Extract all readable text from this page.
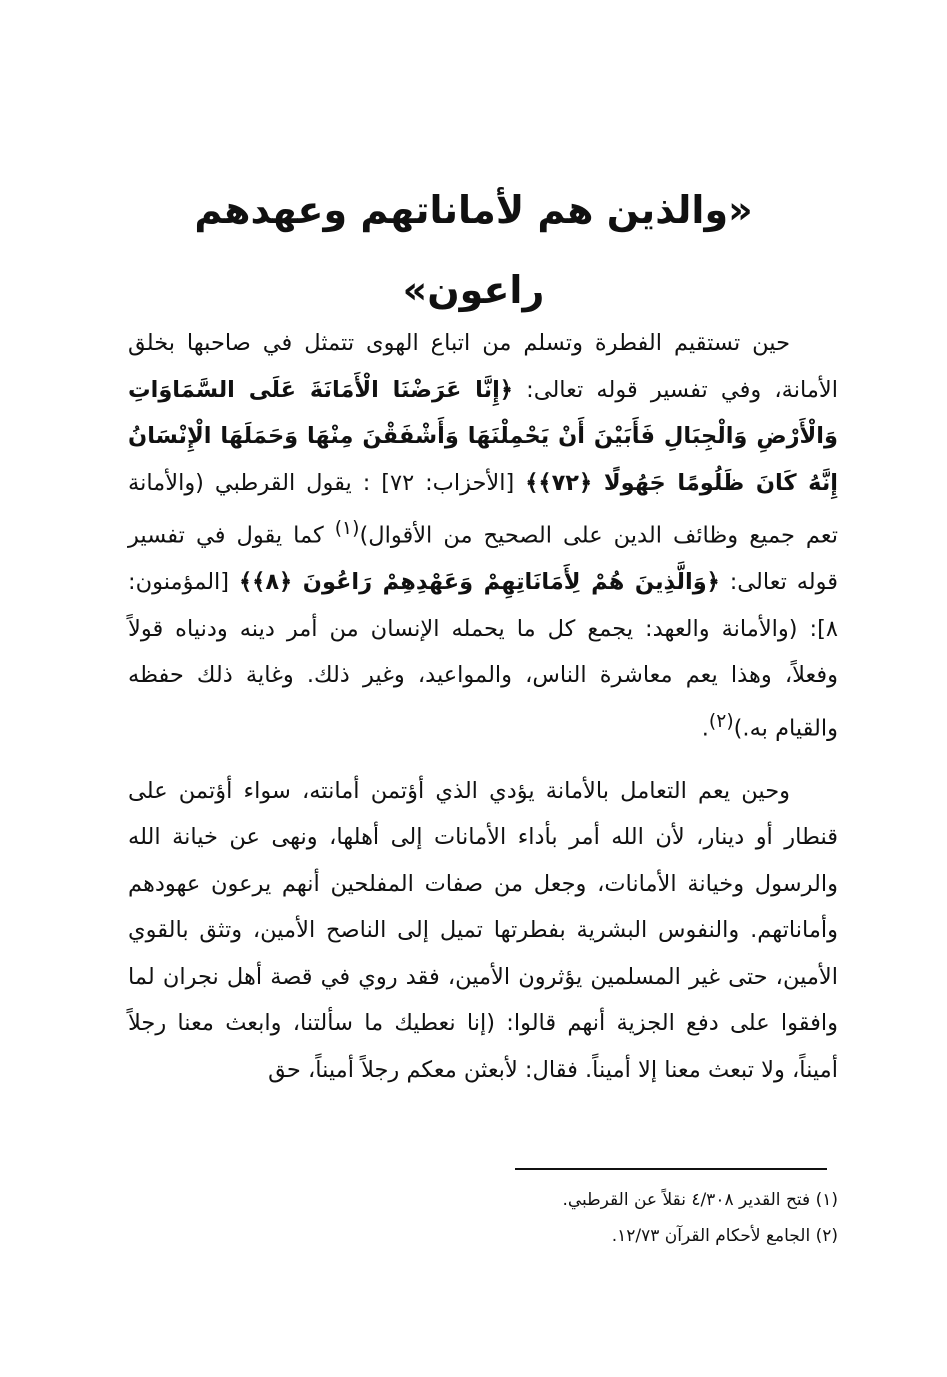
«والذين هم لأماناتهم وعهدهم راعون»

حين تستقيم الفطرة وتسلم من اتباع الهوى تتمثل في صاحبها بخلق الأمانة، وفي تفسير قوله تعالى: ﴿إِنَّا عَرَضْنَا الْأَمَانَةَ عَلَى السَّمَاوَاتِ وَالْأَرْضِ وَالْجِبَالِ فَأَبَيْنَ أَنْ يَحْمِلْنَهَا وَأَشْفَقْنَ مِنْهَا وَحَمَلَهَا الْإِنْسَانُ إِنَّهُ كَانَ ظَلُومًا جَهُولًا ﴿٧٢﴾﴾ [الأحزاب: ٧٢] : يقول القرطبي (والأمانة تعم جميع وظائف الدين على الصحيح من الأقوال)$^{(١)}$ كما يقول في تفسير قوله تعالى: ﴿وَالَّذِينَ هُمْ لِأَمَانَاتِهِمْ وَعَهْدِهِمْ رَاعُونَ ﴿٨﴾﴾ [المؤمنون: ٨]: (والأمانة والعهد: يجمع كل ما يحمله الإنسان من أمر دينه ودنياه قولاً وفعلاً، وهذا يعم معاشرة الناس، والمواعيد، وغير ذلك. وغاية ذلك حفظه والقيام به.)$^{(٢)}$.

وحين يعم التعامل بالأمانة يؤدي الذي أؤتمن أمانته، سواء أؤتمن على قنطار أو دينار، لأن الله أمر بأداء الأمانات إلى أهلها، ونهى عن خيانة الله والرسول وخيانة الأمانات، وجعل من صفات المفلحين أنهم يرعون عهودهم وأماناتهم. والنفوس البشرية بفطرتها تميل إلى الناصح الأمين، وتثق بالقوي الأمين، حتى غير المسلمين يؤثرون الأمين، فقد روي في قصة أهل نجران لما وافقوا على دفع الجزية أنهم قالوا: (إنا نعطيك ما سألتنا، وابعث معنا رجلاً أميناً، ولا تبعث معنا إلا أميناً. فقال: لأبعثن معكم رجلاً أميناً، حق

(١) فتح القدير ٤/٣٠٨ نقلاً عن القرطبي.
(٢) الجامع لأحكام القرآن ١٢/٧٣.
